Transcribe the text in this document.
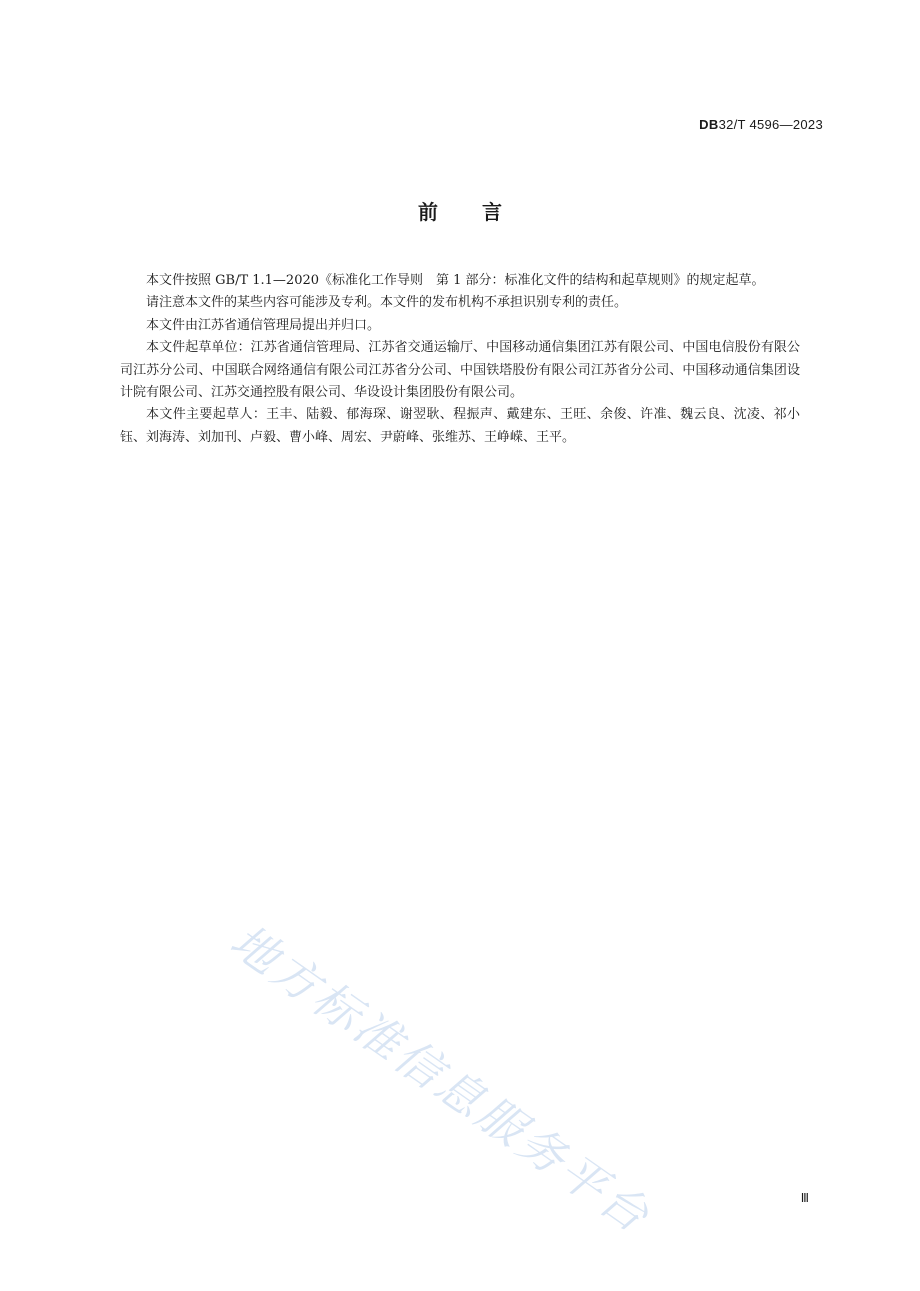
DB32/T 4596—2023
前言

本文件按照 GB/T 1.1—2020《标准化工作导则　第 1 部分：标准化文件的结构和起草规则》的规定起草。

请注意本文件的某些内容可能涉及专利。本文件的发布机构不承担识别专利的责任。

本文件由江苏省通信管理局提出并归口。

本文件起草单位：江苏省通信管理局、江苏省交通运输厅、中国移动通信集团江苏有限公司、中国电信股份有限公司江苏分公司、中国联合网络通信有限公司江苏省分公司、中国铁塔股份有限公司江苏省分公司、中国移动通信集团设计院有限公司、江苏交通控股有限公司、华设设计集团股份有限公司。

本文件主要起草人：王丰、陆毅、郁海琛、谢翌耿、程振声、戴建东、王旺、余俊、许准、魏云良、沈凌、祁小钰、刘海涛、刘加刊、卢毅、曹小峰、周宏、尹蔚峰、张维苏、王峥嵘、王平。

地方标准信息服务平台	Ⅲ
